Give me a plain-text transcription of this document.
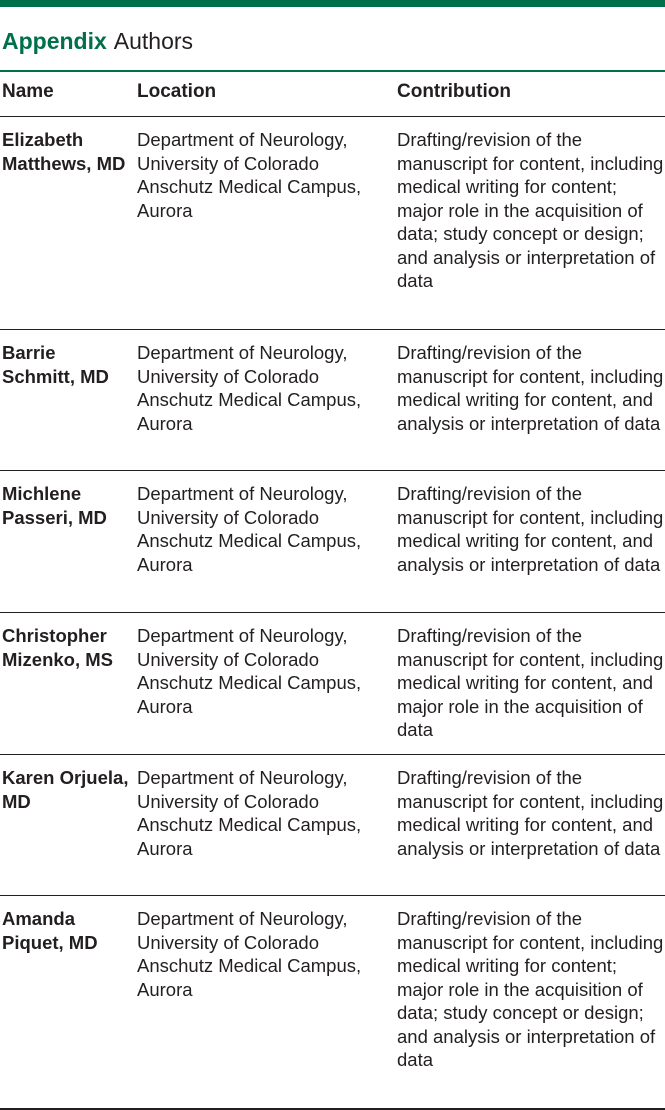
Appendix Authors
Name	Location	Contribution
Elizabeth Matthews, MD
Department of Neurology, University of Colorado Anschutz Medical Campus, Aurora
Drafting/revision of the manuscript for content, including medical writing for content; major role in the acquisition of data; study concept or design; and analysis or interpretation of data
Barrie Schmitt, MD
Department of Neurology, University of Colorado Anschutz Medical Campus, Aurora
Drafting/revision of the manuscript for content, including medical writing for content, and analysis or interpretation of data
Michlene Passeri, MD
Department of Neurology, University of Colorado Anschutz Medical Campus, Aurora
Drafting/revision of the manuscript for content, including medical writing for content, and analysis or interpretation of data
Christopher Mizenko, MS
Department of Neurology, University of Colorado Anschutz Medical Campus, Aurora
Drafting/revision of the manuscript for content, including medical writing for content, and major role in the acquisition of data
Karen Orjuela, MD
Department of Neurology, University of Colorado Anschutz Medical Campus, Aurora
Drafting/revision of the manuscript for content, including medical writing for content, and analysis or interpretation of data
Amanda Piquet, MD
Department of Neurology, University of Colorado Anschutz Medical Campus, Aurora
Drafting/revision of the manuscript for content, including medical writing for content; major role in the acquisition of data; study concept or design; and analysis or interpretation of data
